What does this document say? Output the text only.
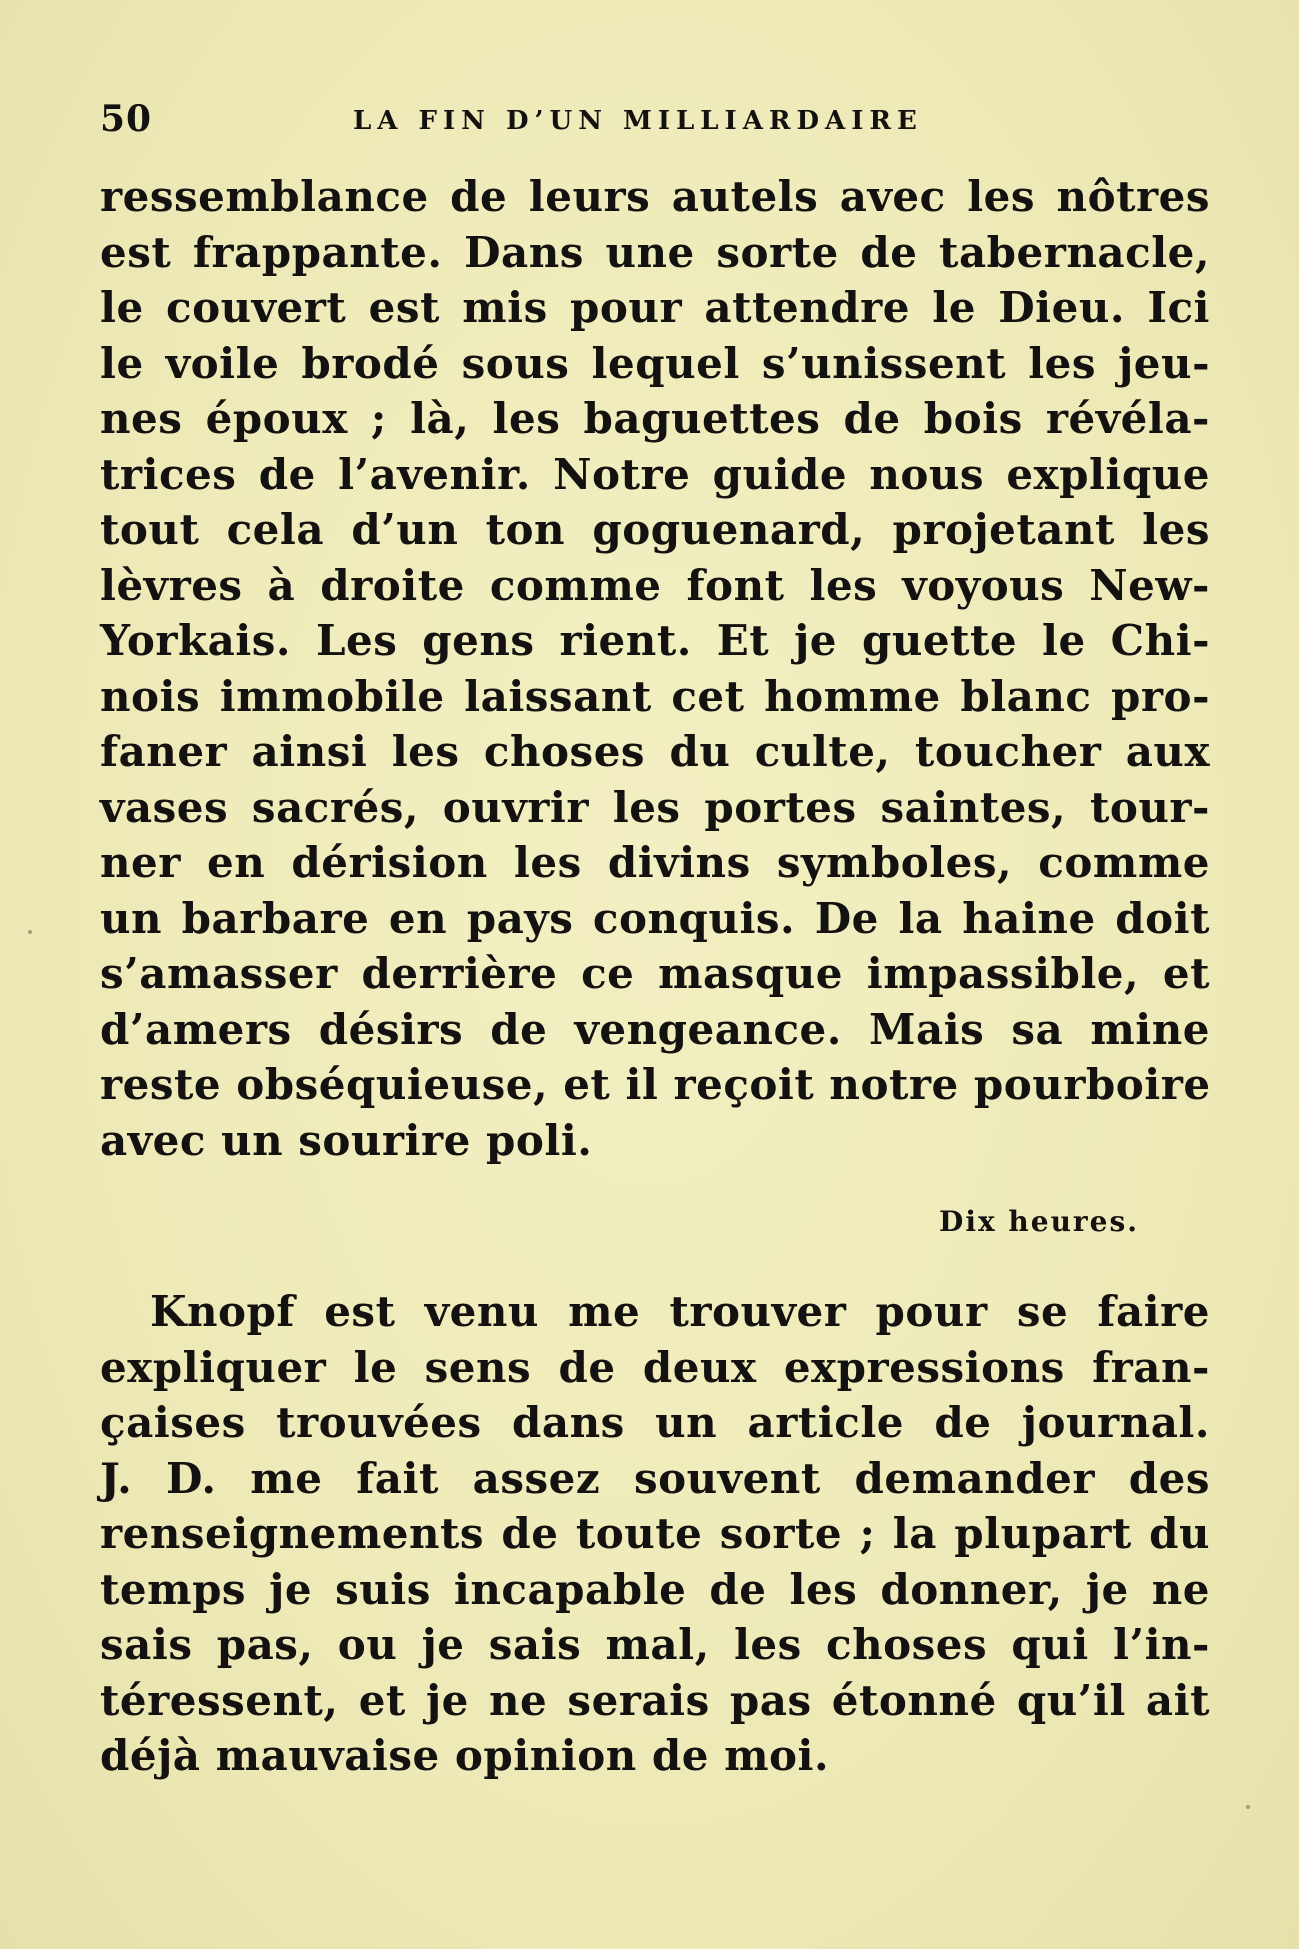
50	LA FIN D’UN MILLIARDAIRE
ressemblance de leurs autels avec les nôtres
est frappante. Dans une sorte de tabernacle,
le couvert est mis pour attendre le Dieu. Ici
le voile brodé sous lequel s’unissent les jeu-
nes époux ; là, les baguettes de bois révéla-
trices de l’avenir. Notre guide nous explique
tout cela d’un ton goguenard, projetant les
lèvres à droite comme font les voyous New-
Yorkais. Les gens rient. Et je guette le Chi-
nois immobile laissant cet homme blanc pro-
faner ainsi les choses du culte, toucher aux
vases sacrés, ouvrir les portes saintes, tour-
ner en dérision les divins symboles, comme
un barbare en pays conquis. De la haine doit
s’amasser derrière ce masque impassible, et
d’amers désirs de vengeance. Mais sa mine
reste obséquieuse, et il reçoit notre pourboire
avec un sourire poli.
Dix heures.
Knopf est venu me trouver pour se faire
expliquer le sens de deux expressions fran-
çaises trouvées dans un article de journal.
J. D. me fait assez souvent demander des
renseignements de toute sorte ; la plupart du
temps je suis incapable de les donner, je ne
sais pas, ou je sais mal, les choses qui l’in-
téressent, et je ne serais pas étonné qu’il ait
déjà mauvaise opinion de moi.
